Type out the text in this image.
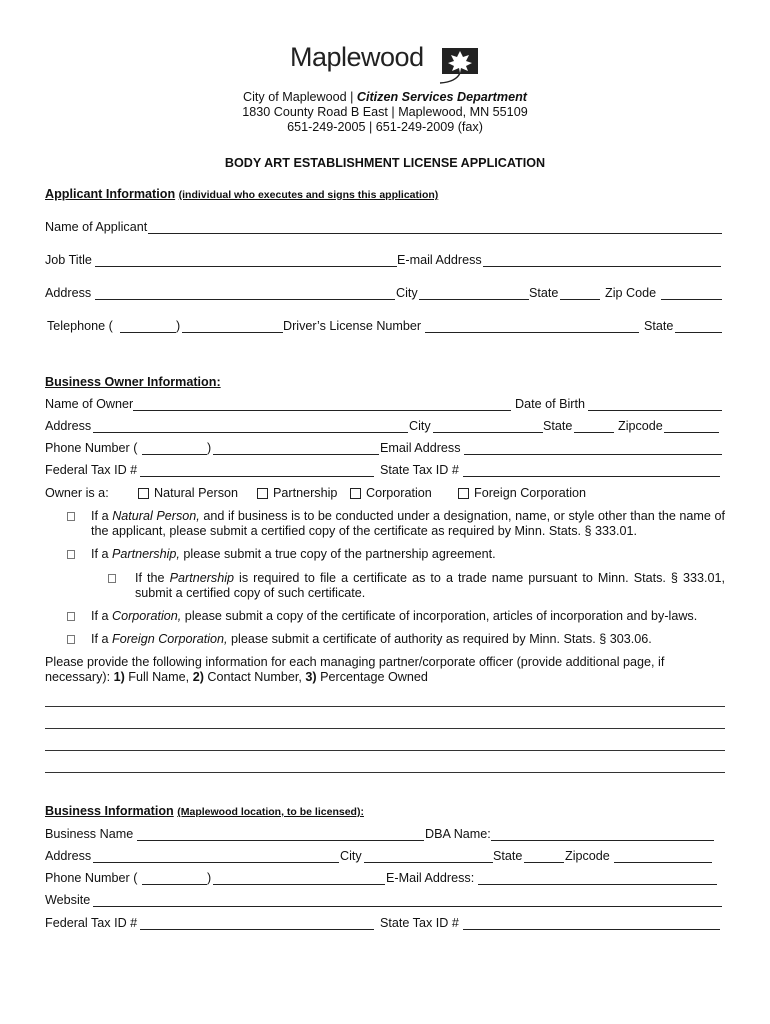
Maplewood
City of Maplewood | Citizen Services Department
1830 County Road B East | Maplewood, MN 55109
651-249-2005 | 651-249-2009 (fax)
BODY ART ESTABLISHMENT LICENSE APPLICATION
Applicant Information (individual who executes and signs this application)
Name of Applicant
Job Title	E-mail Address
Address	City	State	Zip Code
Telephone (	)	Driver’s License Number	State
Business Owner Information:
Name of Owner	Date of Birth
Address	City	State	Zipcode
Phone Number (	)	Email Address
Federal Tax ID #	State Tax ID #
Owner is a:	Natural Person	Partnership	Corporation	Foreign Corporation
If a Natural Person, and if business is to be conducted under a designation, name, or style other than the name of the applicant, please submit a certified copy of the certificate as required by Minn. Stats. § 333.01.
If a Partnership, please submit a true copy of the partnership agreement.
If the Partnership is required to file a certificate as to a trade name pursuant to Minn. Stats. § 333.01, submit a certified copy of such certificate.
If a Corporation, please submit a copy of the certificate of incorporation, articles of incorporation and by-laws.
If a Foreign Corporation, please submit a certificate of authority as required by Minn. Stats. § 303.06.
Please provide the following information for each managing partner/corporate officer (provide additional page, if necessary): 1) Full Name, 2) Contact Number, 3) Percentage Owned
Business Information (Maplewood location, to be licensed):
Business Name	DBA Name:
Address	City	State	Zipcode
Phone Number (	)	E-Mail Address:
Website
Federal Tax ID #	State Tax ID #
